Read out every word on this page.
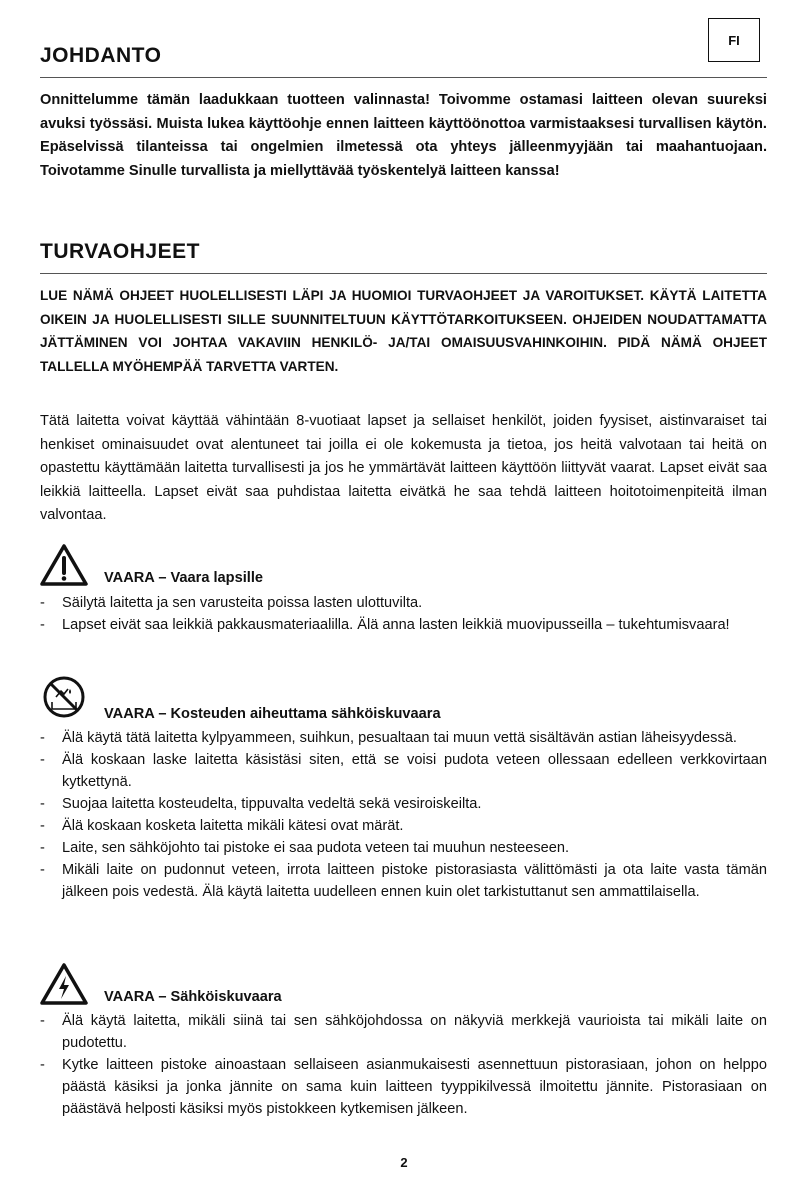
FI
JOHDANTO

Onnittelumme tämän laadukkaan tuotteen valinnasta! Toivomme ostamasi laitteen olevan suureksi avuksi työssäsi. Muista lukea käyttöohje ennen laitteen käyttöönottoa varmistaaksesi turvallisen käytön. Epäselvissä tilanteissa tai ongelmien ilmetessä ota yhteys jälleenmyyjään tai maahantuojaan. Toivotamme Sinulle turvallista ja miellyttävää työskentelyä laitteen kanssa!

TURVAOHJEET

LUE NÄMÄ OHJEET HUOLELLISESTI LÄPI JA HUOMIOI TURVAOHJEET JA VAROITUKSET. KÄYTÄ LAITETTA OIKEIN JA HUOLELLISESTI SILLE SUUNNITELTUUN KÄYTTÖTARKOITUKSEEN. OHJEIDEN NOUDATTAMATTA JÄTTÄMINEN VOI JOHTAA VAKAVIIN HENKILÖ- JA/TAI OMAISUUSVAHINKOIHIN. PIDÄ NÄMÄ OHJEET TALLELLA MYÖHEMPÄÄ TARVETTA VARTEN.

Tätä laitetta voivat käyttää vähintään 8-vuotiaat lapset ja sellaiset henkilöt, joiden fyysiset, aistinvaraiset tai henkiset ominaisuudet ovat alentuneet tai joilla ei ole kokemusta ja tietoa, jos heitä valvotaan tai heitä on opastettu käyttämään laitetta turvallisesti ja jos he ymmärtävät laitteen käyttöön liittyvät vaarat. Lapset eivät saa leikkiä laitteella. Lapset eivät saa puhdistaa laitetta eivätkä he saa tehdä laitteen hoitotoimenpiteitä ilman valvontaa.

VAARA – Vaara lapsille
- Säilytä laitetta ja sen varusteita poissa lasten ulottuvilta.
- Lapset eivät saa leikkiä pakkausmateriaalilla. Älä anna lasten leikkiä muovipusseilla – tukehtumisvaara!
VAARA – Kosteuden aiheuttama sähköiskuvaara
- Älä käytä tätä laitetta kylpyammeen, suihkun, pesualtaan tai muun vettä sisältävän astian läheisyydessä.
- Älä koskaan laske laitetta käsistäsi siten, että se voisi pudota veteen ollessaan edelleen verkkovirtaan kytkettynä.
- Suojaa laitetta kosteudelta, tippuvalta vedeltä sekä vesiroiskeilta.
- Älä koskaan kosketa laitetta mikäli kätesi ovat märät.
- Laite, sen sähköjohto tai pistoke ei saa pudota veteen tai muuhun nesteeseen.
- Mikäli laite on pudonnut veteen, irrota laitteen pistoke pistorasiasta välittömästi ja ota laite vasta tämän jälkeen pois vedestä. Älä käytä laitetta uudelleen ennen kuin olet tarkistuttanut sen ammattilaisella.
VAARA – Sähköiskuvaara
- Älä käytä laitetta, mikäli siinä tai sen sähköjohdossa on näkyviä merkkejä vaurioista tai mikäli laite on pudotettu.
- Kytke laitteen pistoke ainoastaan sellaiseen asianmukaisesti asennettuun pistorasiaan, johon on helppo päästä käsiksi ja jonka jännite on sama kuin laitteen tyyppikilvessä ilmoitettu jännite. Pistorasiaan on päästävä helposti käsiksi myös pistokkeen kytkemisen jälkeen.
2
